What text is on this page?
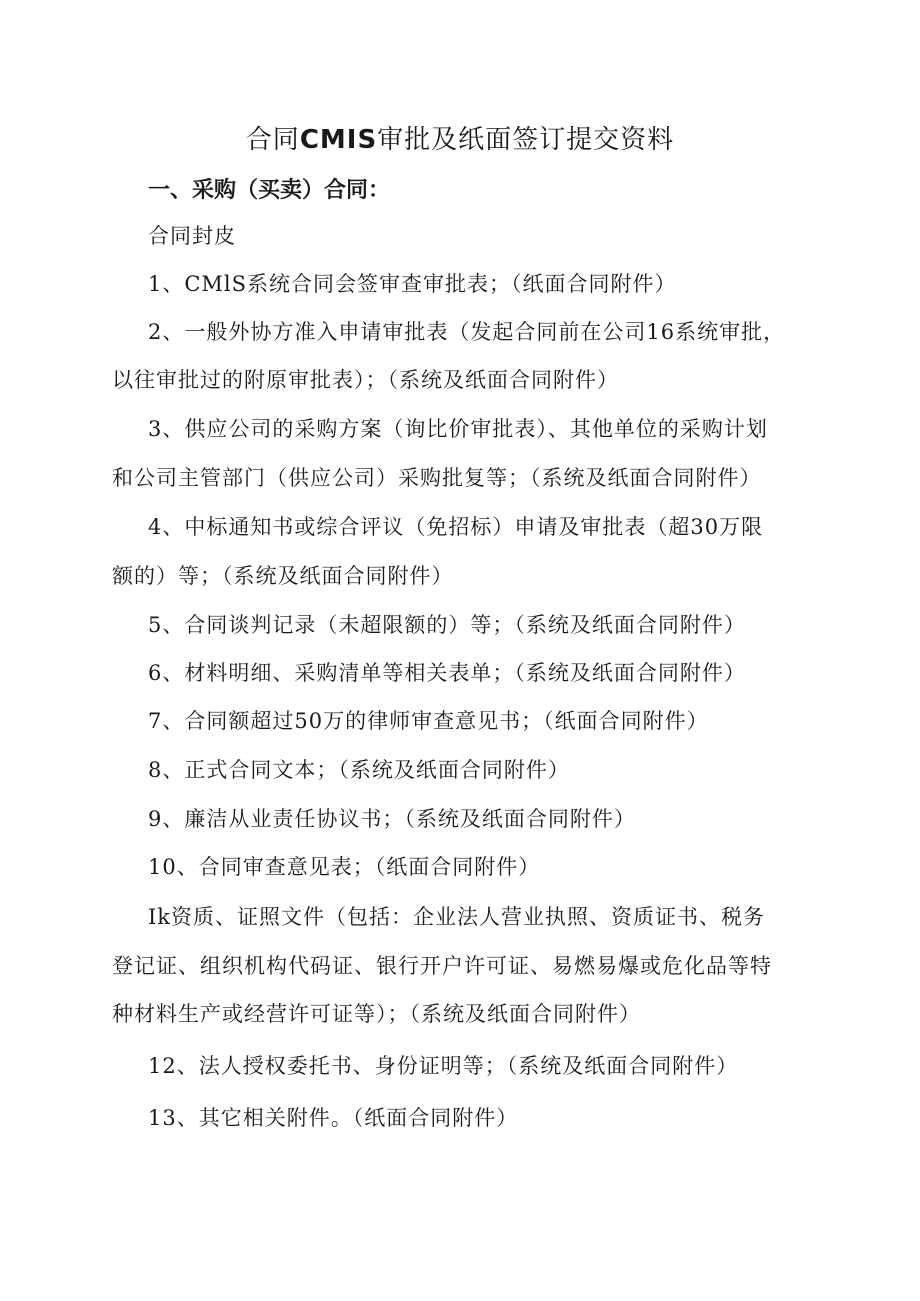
合同CMIS审批及纸面签订提交资料
一、采购（买卖）合同：
合同封皮
1、CMlS系统合同会签审查审批表；（纸面合同附件）
2、一般外协方准入申请审批表（发起合同前在公司16系统审批，
以往审批过的附原审批表）；（系统及纸面合同附件）
3、供应公司的采购方案（询比价审批表）、其他单位的采购计划
和公司主管部门（供应公司）采购批复等；（系统及纸面合同附件）
4、中标通知书或综合评议（免招标）申请及审批表（超30万限
额的）等；（系统及纸面合同附件）
5、合同谈判记录（未超限额的）等；（系统及纸面合同附件）
6、材料明细、采购清单等相关表单；（系统及纸面合同附件）
7、合同额超过50万的律师审查意见书；（纸面合同附件）
8、正式合同文本；（系统及纸面合同附件）
9、廉洁从业责任协议书；（系统及纸面合同附件）
10、合同审查意见表；（纸面合同附件）
Ik资质、证照文件（包括：企业法人营业执照、资质证书、税务
登记证、组织机构代码证、银行开户许可证、易燃易爆或危化品等特
种材料生产或经营许可证等）；（系统及纸面合同附件）
12、法人授权委托书、身份证明等；（系统及纸面合同附件）
13、其它相关附件。（纸面合同附件）
